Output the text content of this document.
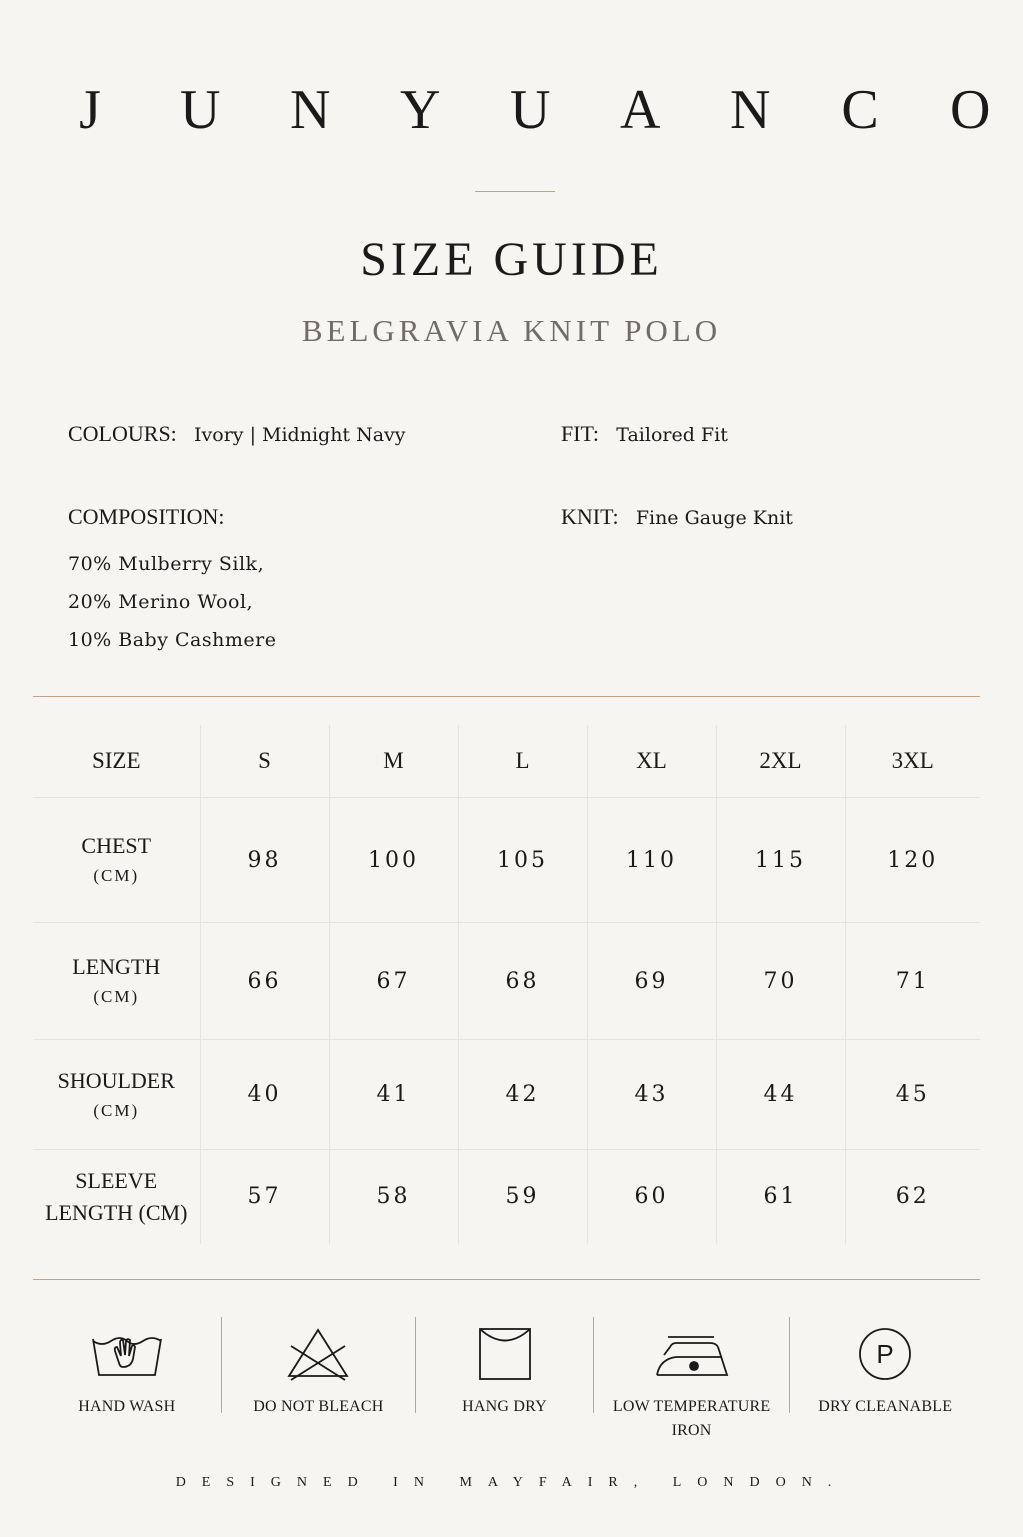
J U N Y U A N C O
SIZE GUIDE
BELGRAVIA KNIT POLO
COLOURS: Ivory | Midnight Navy	FIT: Tailored Fit
COMPOSITION:
70% Mulberry Silk,
20% Merino Wool,
10% Baby Cashmere
KNIT: Fine Gauge Knit
SIZE	S	M	L	XL	2XL	3XL
CHEST
(CM)	98	100	105	110	115	120
LENGTH
(CM)	66	67	68	69	70	71
SHOULDER
(CM)	40	41	42	43	44	45
SLEEVE
LENGTH (CM)	57	58	59	60	61	62
HAND WASH	DO NOT BLEACH	HANG DRY	LOW TEMPERATURE
IRON
P
DRY CLEANABLE
DESIGNED IN MAYFAIR, LONDON.
